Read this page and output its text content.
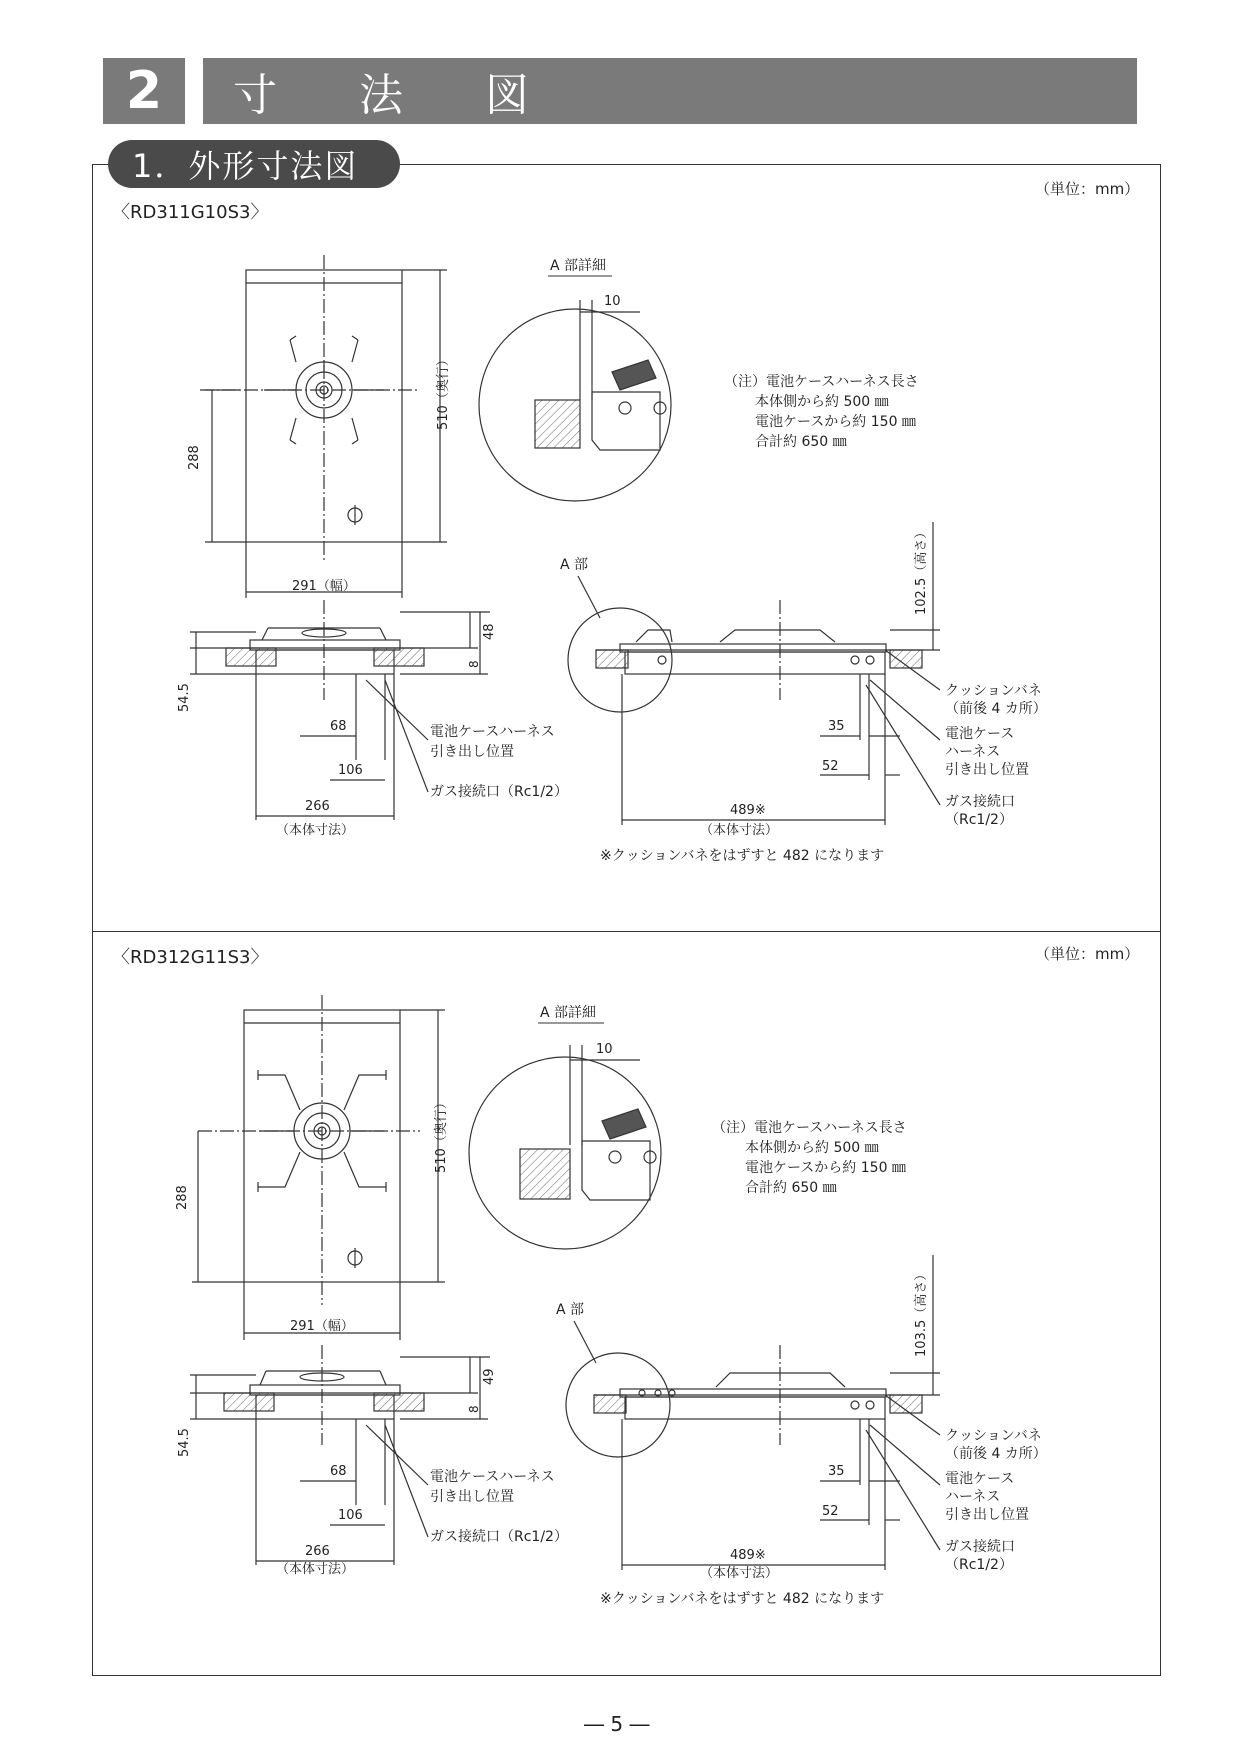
2	寸 法 図
1．外形寸法図
〈RD311G10S3〉
（単位：mm）
〈RD312G11S3〉	（単位：mm）
― 5 ―
288
510（奥行）
291（幅）
54.5
48
8
68
106
266
（本体寸法）
電池ケースハーネス
引き出し位置
ガス接続口（Rc1/2）
A 部詳細
10
（注）電池ケースハーネス長さ
本体側から約 500 ㎜
電池ケースから約 150 ㎜
合計約 650 ㎜
A 部	102.5（高さ）
35
52
489※
（本体寸法）
※クッションバネをはずすと 482 になります
クッションバネ
（前後 4 カ所）
電池ケース
ハーネス
引き出し位置
ガス接続口
（Rc1/2）
288
510（奥行）
291（幅）
54.5
49
8
68
106
266
（本体寸法）
電池ケースハーネス
引き出し位置
ガス接続口（Rc1/2）
A 部詳細
10
（注）電池ケースハーネス長さ
本体側から約 500 ㎜
電池ケースから約 150 ㎜
合計約 650 ㎜
A 部	103.5（高さ）
35
52
489※
（本体寸法）
※クッションバネをはずすと 482 になります
クッションバネ
（前後 4 カ所）
電池ケース
ハーネス
引き出し位置
ガス接続口
（Rc1/2）
